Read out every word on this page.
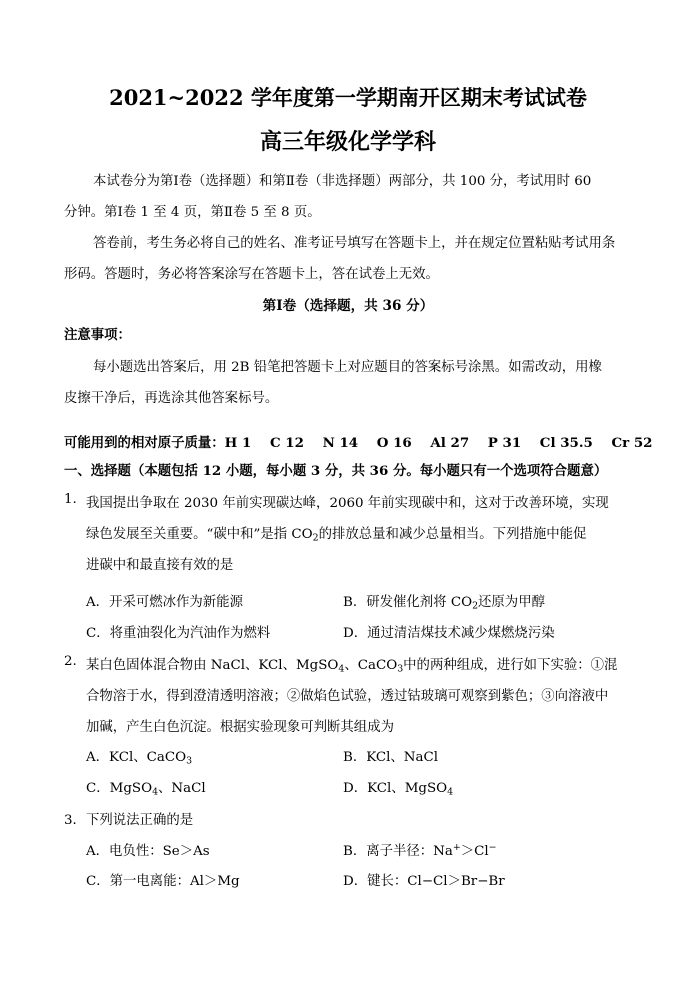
2021~2022 学年度第一学期南开区期末考试试卷
高三年级化学学科
本试卷分为第Ⅰ卷（选择题）和第Ⅱ卷（非选择题）两部分，共 100 分，考试用时 60
分钟。第Ⅰ卷 1 至 4 页，第Ⅱ卷 5 至 8 页。
答卷前，考生务必将自己的姓名、准考证号填写在答题卡上，并在规定位置粘贴考试用条
形码。答题时，务必将答案涂写在答题卡上，答在试卷上无效。
第Ⅰ卷（选择题，共 36 分）
注意事项：
每小题选出答案后，用 2B 铅笔把答题卡上对应题目的答案标号涂黑。如需改动，用橡
皮擦干净后，再选涂其他答案标号。
可能用到的相对原子质量：H 1    C 12    N 14    O 16    Al 27    P 31    Cl 35.5    Cr 52
一、选择题（本题包括 12 小题，每小题 3 分，共 36 分。每小题只有一个选项符合题意）
1. 我国提出争取在 2030 年前实现碳达峰，2060 年前实现碳中和，这对于改善环境，实现
绿色发展至关重要。“碳中和”是指 $CO_2$的排放总量和减少总量相当。下列措施中能促
进碳中和最直接有效的是
A．开采可燃冰作为新能源	B．研发催化剂将 $CO_2$还原为甲醇
C．将重油裂化为汽油作为燃料	D．通过清洁煤技术减少煤燃烧污染
2. 某白色固体混合物由 NaCl、KCl、MgSO$_4$、CaCO$_3$中的两种组成，进行如下实验：①混
合物溶于水，得到澄清透明溶液；②做焰色试验，透过钴玻璃可观察到紫色；③向溶液中
加碱，产生白色沉淀。根据实验现象可判断其组成为
A．KCl、CaCO$_3$	B．KCl、NaCl
C．MgSO$_4$、NaCl	D．KCl、MgSO$_4$
3． 下列说法正确的是
A．电负性：Se＞As	B．离子半径：Na+＞Cl−
C．第一电离能：Al＞Mg	D．键长：Cl−Cl＞Br−Br
